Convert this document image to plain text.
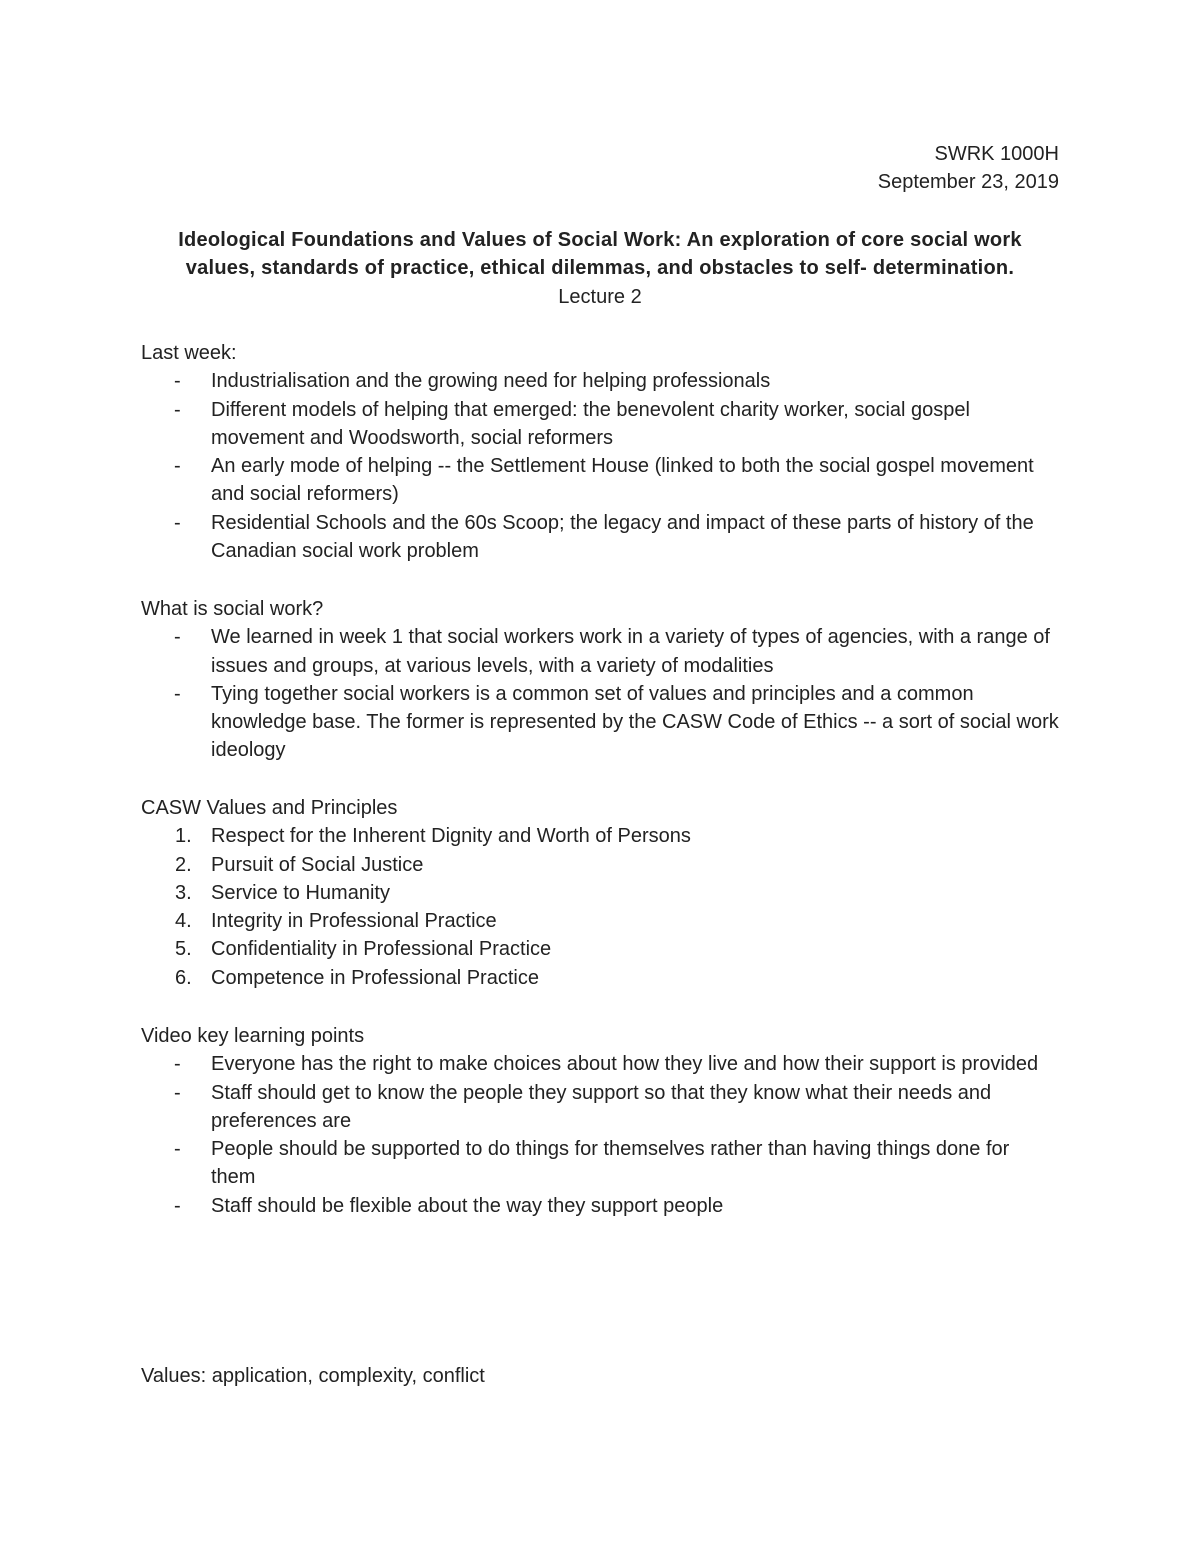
SWRK 1000H
September 23, 2019
Ideological Foundations and Values of Social Work: An exploration of core social work
values, standards of practice, ethical dilemmas, and obstacles to self- determination.
Lecture 2
Last week:
- Industrialisation and the growing need for helping professionals
- Different models of helping that emerged: the benevolent charity worker, social gospel movement and Woodsworth, social reformers
- An early mode of helping -- the Settlement House (linked to both the social gospel movement and social reformers)
- Residential Schools and the 60s Scoop; the legacy and impact of these parts of history of the Canadian social work problem
What is social work?
- We learned in week 1 that social workers work in a variety of types of agencies, with a range of issues and groups, at various levels, with a variety of modalities
- Tying together social workers is a common set of values and principles and a common knowledge base. The former is represented by the CASW Code of Ethics -- a sort of social work ideology
CASW Values and Principles
1. Respect for the Inherent Dignity and Worth of Persons
2. Pursuit of Social Justice
3. Service to Humanity
4. Integrity in Professional Practice
5. Confidentiality in Professional Practice
6. Competence in Professional Practice
Video key learning points
- Everyone has the right to make choices about how they live and how their support is provided
- Staff should get to know the people they support so that they know what their needs and preferences are
- People should be supported to do things for themselves rather than having things done for them
- Staff should be flexible about the way they support people
Values: application, complexity, conflict
